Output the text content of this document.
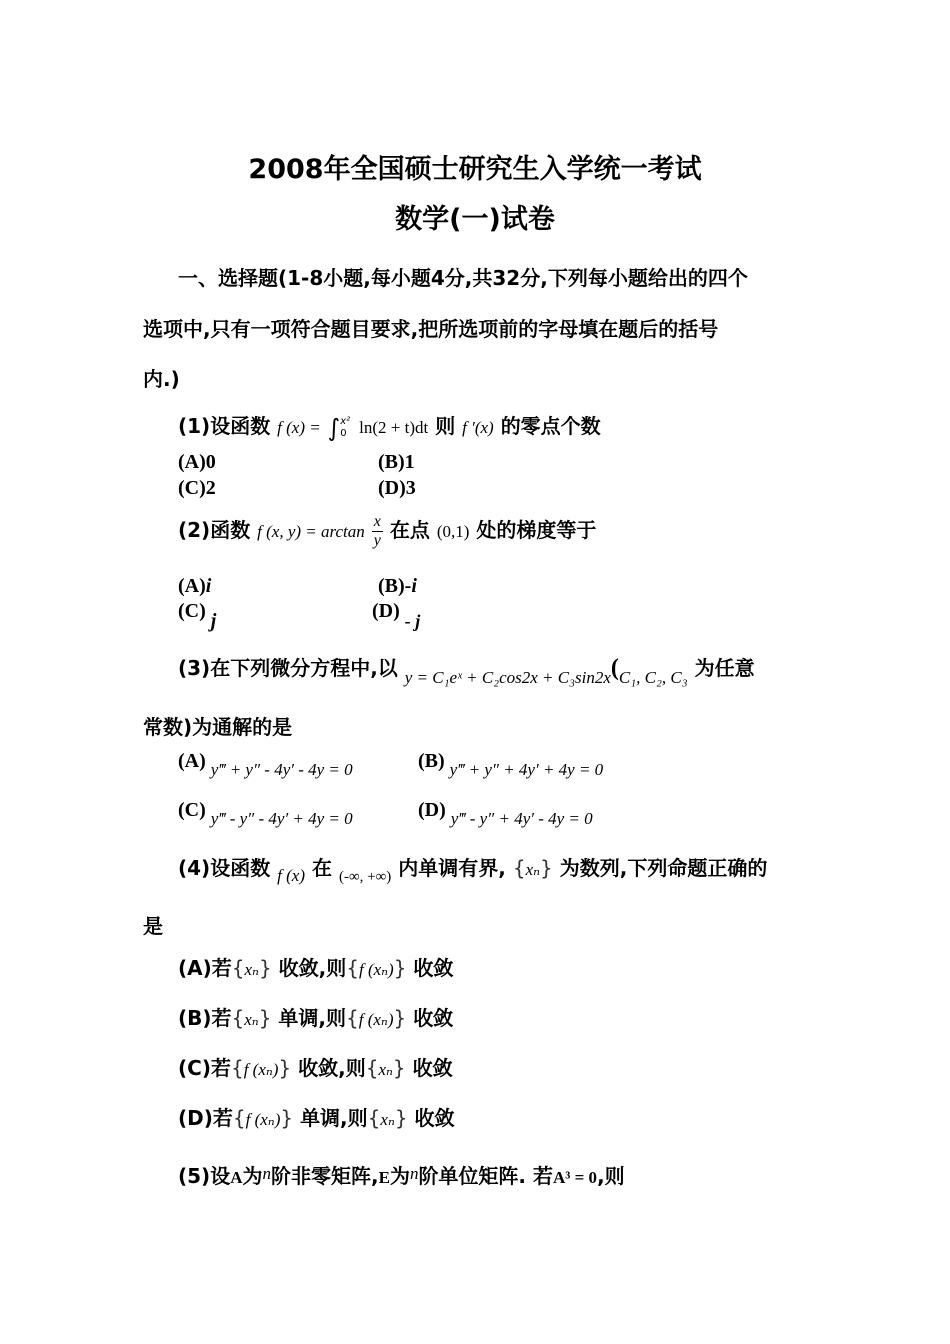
2008年全国硕士研究生入学统一考试
数学(一)试卷
一、选择题(1-8小题,每小题4分,共32分,下列每小题给出的四个
选项中,只有一项符合题目要求,把所选项前的字母填在题后的括号
内.)
(1)设函数 f (x) = ∫ x²
0 ln(2 + t)dt 则 f ′(x) 的零点个数
(A)0	(B)1
(C)2	(D)3
(2)函数 f (x, $y) = \arctan \frac{x}{y}$ 在点 (0,1) 处的梯度等于
(A)i	(B)-i
(C) j	(D) - j
(3)在下列微分方程中,以 $_{y = C_1eˣ + C_2cos2x + C_3sin2x}(_{C_1, C_2, C_3}$ 为任意
常数)为通解的是
(A) $_{y‴ + y'' - 4y' - 4y = 0}$	(B) $_{y‴ + y'' + 4y' + 4y = 0}$
(C) $_{y‴ - y'' - 4y' + 4y = 0}$	(D) $_{y‴ - y'' + 4y' - 4y = 0}$
(4)设函数 $_{f (x)}$ 在 $_{(-\infty, +\infty)}$ 内单调有界, {xₙ} 为数列,下列命题正确的
是
(A)若{xₙ} 收敛,则{f (xₙ)} 收敛
(B)若{xₙ} 单调,则{f (xₙ)} 收敛
(C)若{f (xₙ)} 收敛,则{xₙ} 收敛
(D)若{f (xₙ)} 单调,则{xₙ} 收敛
(5)设A为$^n$阶非零矩阵,E为$^n$阶单位矩阵. 若A³ = 0,则
